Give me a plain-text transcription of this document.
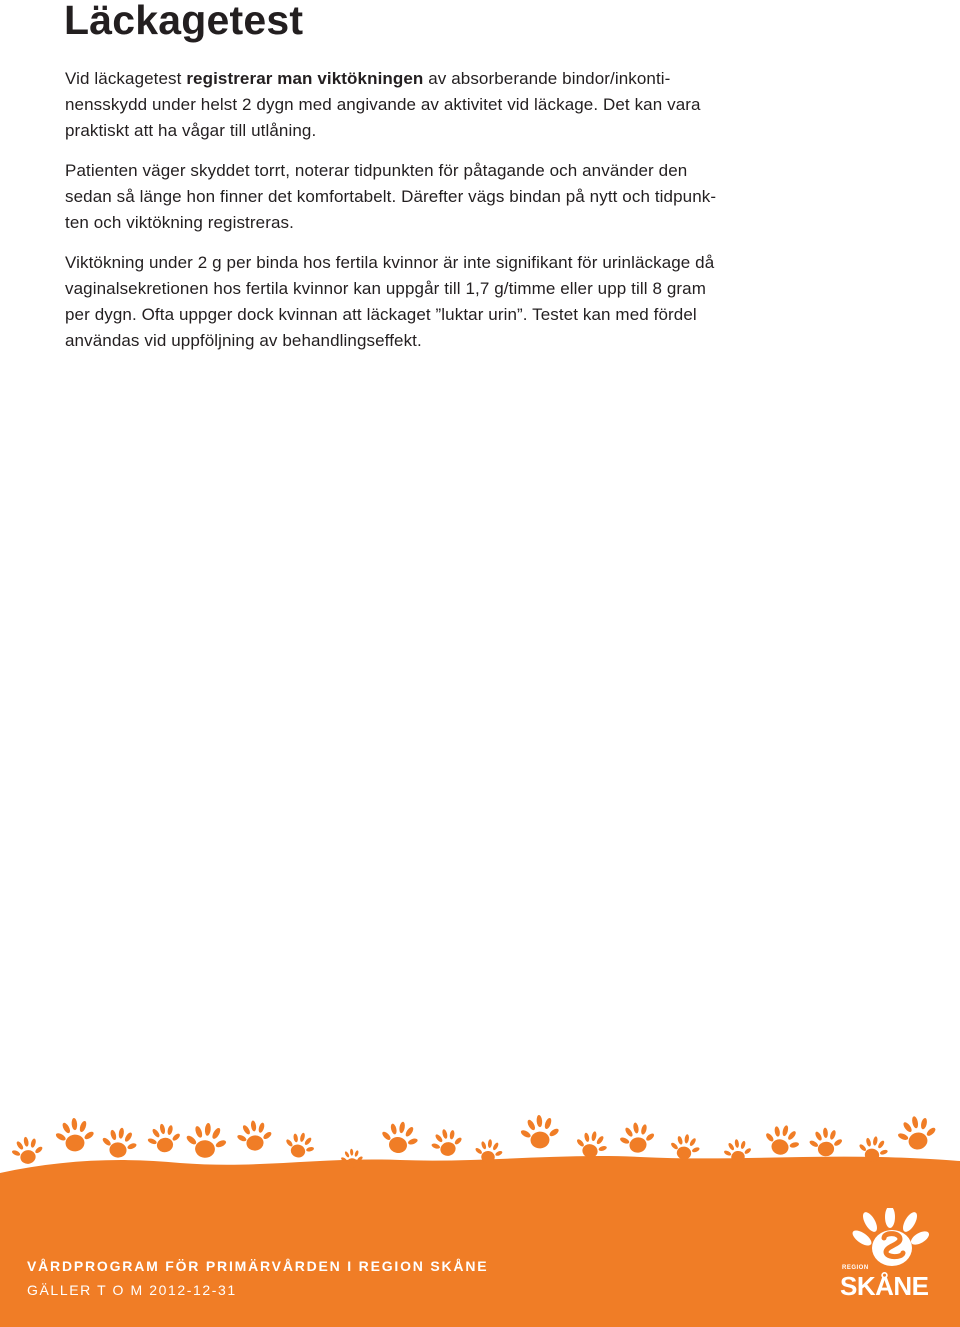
Läckagetest

Vid läckagetest registrerar man viktökningen av absorberande bindor/inkonti-
nensskydd under helst 2 dygn med angivande av aktivitet vid läckage. Det kan vara
praktiskt att ha vågar till utlåning.

Patienten väger skyddet torrt, noterar tidpunkten för påtagande och använder den
sedan så länge hon finner det komfortabelt. Därefter vägs bindan på nytt och tidpunk-
ten och viktökning registreras.

Viktökning under 2 g per binda hos fertila kvinnor är inte signifikant för urinläckage då
vaginalsekretionen hos fertila kvinnor kan uppgår till 1,7 g/timme eller upp till 8 gram
per dygn. Ofta uppger dock kvinnan att läckaget ”luktar urin”. Testet kan med fördel
användas vid uppföljning av behandlingseffekt.

VÅRDPROGRAM FÖR PRIMÄRVÅRDEN I REGION SKÅNE
GÄLLER T O M 2012-12-31
REGION
SKÅNE
